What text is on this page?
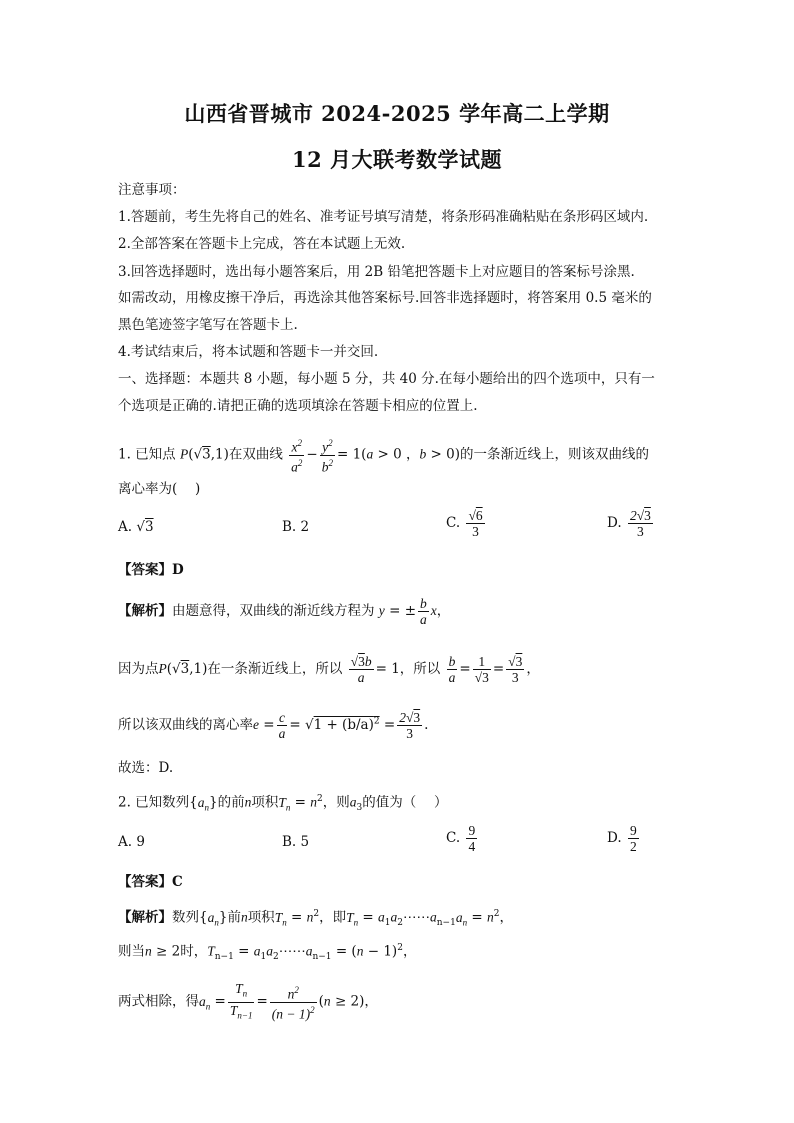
山西省晋城市 2024-2025 学年高二上学期
12 月大联考数学试题
注意事项：
1.答题前，考生先将自己的姓名、准考证号填写清楚，将条形码准确粘贴在条形码区域内.
2.全部答案在答题卡上完成，答在本试题上无效.
3.回答选择题时，选出每小题答案后，用 2B 铅笔把答题卡上对应题目的答案标号涂黑.
如需改动，用橡皮擦干净后，再选涂其他答案标号.回答非选择题时，将答案用 0.5 毫米的
黑色笔迹签字笔写在答题卡上.
4.考试结束后，将本试题和答题卡一并交回.
一、选择题：本题共 8 小题，每小题 5 分，共 40 分.在每小题给出的四个选项中，只有一
个选项是正确的.请把正确的选项填涂在答题卡相应的位置上.
1. 已知点 P(√3,1)在双曲线 $\frac{x^2}{a^2} - \frac{y^2}{b^2} = 1(a > 0$ ，b > 0)的一条渐近线上，则该双曲线的
离心率为(　 )
A. √3	B. 2	C. $\frac{√6}{3}$	D. $\frac{2√3}{3}$
【答案】D
【解析】由题意得，双曲线的渐近线方程为 y = ± $\frac{b}{a}$ x，
因为点P(√3,1)在一条渐近线上，所以 $\frac{√3b}{a} = 1$，所以 $\frac{b}{a} = \frac{1}{√3} = \frac{√3}{3}$ ，
所以该双曲线的离心率$e = \frac{c}{a} = √1 + (b/a)^2 = \frac{2√3}{3}$ .
故选：D.
2. 已知数列$\{a_n\}$的前n项积$T_n = n^2$，则$a_3$的值为（　 ）
A. 9	B. 5	C. $\frac{9}{4}$	D. $\frac{9}{2}$
【答案】C
【解析】数列$\{a_n\}$前n项积$T_n = n^2$，即$T_n$ = $a_1a_2\cdots\cdots a_{n-1}a_n = n^2$，
则当n ≥ 2时，$T_{n-1}$ = $a_1a_2\cdots\cdots a_{n-1} = (n - 1)^2$，
两式相除，得$a_n = \frac{T_n}{T_{n-1}} = \frac{n^2}{(n - 1)^2} (n \ge 2)$，
